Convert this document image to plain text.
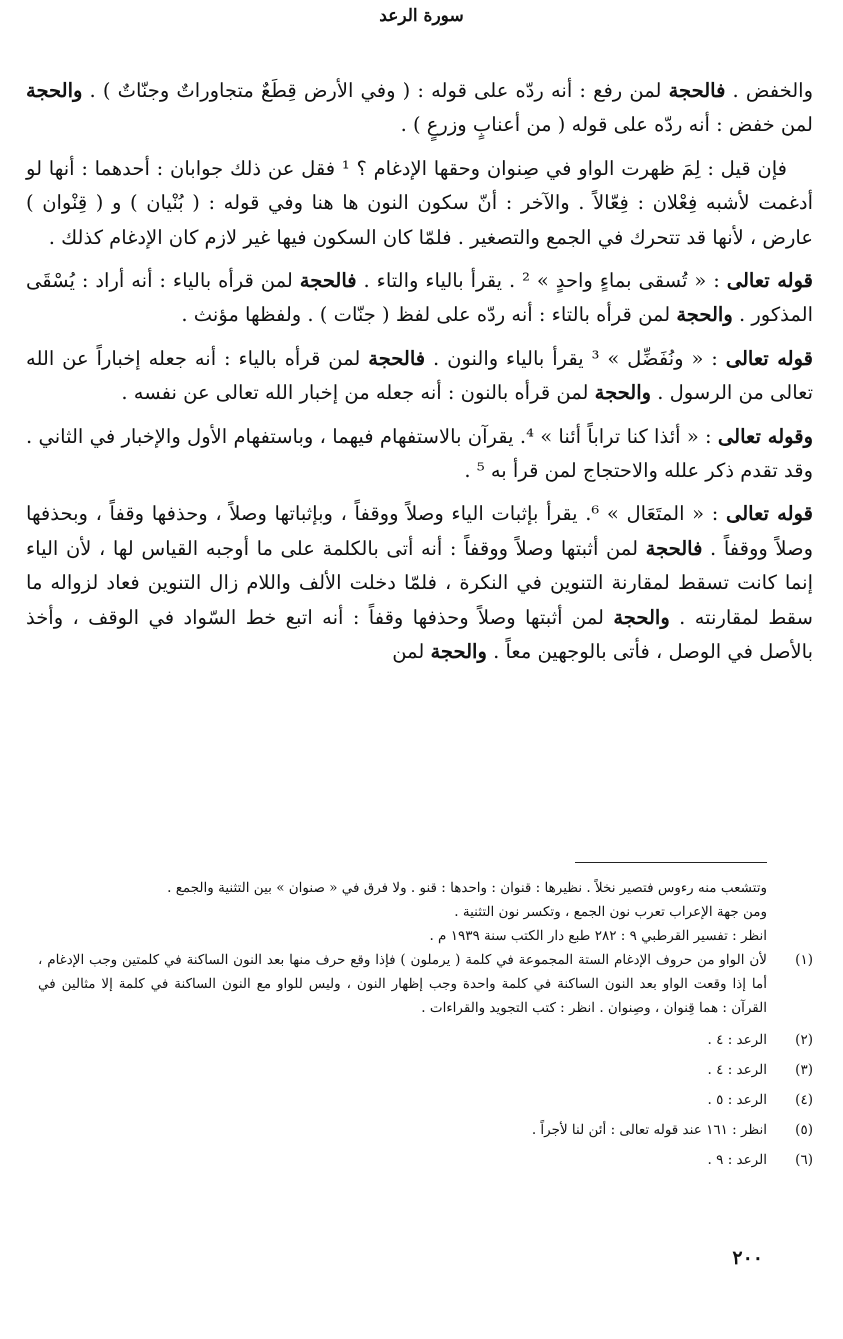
سورة الرعد

والخفض . فالحجة لمن رفع : أنه ردّه على قوله : ( وفي الأرض قِطَعٌ متجاوراتٌ وجنّاتٌ ) . والحجة لمن خفض : أنه ردّه على قوله ( من أعنابٍ وزرعٍ ) .

فإن قيل : لِمَ ظهرت الواو في صِنوان وحقها الإدغام ؟ ¹ فقل عن ذلك جوابان : أحدهما : أنها لو أدغمت لأشبه فِعْلان : فِعّالاً . والآخر : أنّ سكون النون ها هنا وفي قوله : ( بُنْيان ) و ( قِنْوان ) عارض ، لأنها قد تتحرك في الجمع والتصغير . فلمّا كان السكون فيها غير لازم كان الإدغام كذلك .

قوله تعالى : « تُسقى بماءٍ واحدٍ » ² . يقرأ بالياء والتاء . فالحجة لمن قرأه بالياء : أنه أراد : يُسْقَى المذكور . والحجة لمن قرأه بالتاء : أنه ردّه على لفظ ( جنّات ) . ولفظها مؤنث .

قوله تعالى : « ونُفَضِّل » ³ يقرأ بالياء والنون . فالحجة لمن قرأه بالياء : أنه جعله إخباراً عن الله تعالى من الرسول . والحجة لمن قرأه بالنون : أنه جعله من إخبار الله تعالى عن نفسه .

وقوله تعالى : « أئذا كنا تراباً أئنا » ⁴. يقرآن بالاستفهام فيهما ، وباستفهام الأول والإخبار في الثاني . وقد تقدم ذكر علله والاحتجاج لمن قرأ به ⁵ .

قوله تعالى : « المتَعَال » ⁶. يقرأ بإثبات الياء وصلاً ووقفاً ، وبإثباتها وصلاً ، وحذفها وقفاً ، وبحذفها وصلاً ووقفاً . فالحجة لمن أثبتها وصلاً ووقفاً : أنه أتى بالكلمة على ما أوجبه القياس لها ، لأن الياء إنما كانت تسقط لمقارنة التنوين في النكرة ، فلمّا دخلت الألف واللام زال التنوين فعاد لزواله ما سقط لمقارنته . والحجة لمن أثبتها وصلاً وحذفها وقفاً : أنه اتبع خط السّواد في الوقف ، وأخذ بالأصل في الوصل ، فأتى بالوجهين معاً . والحجة لمن

وتتشعب منه رءوس فتصير نخلاً . نظيرها : قنوان : واحدها : قنو . ولا فرق في « صنوان » بين التثنية والجمع .

ومن جهة الإعراب تعرب نون الجمع ، وتكسر نون التثنية .

انظر : تفسير القرطبي ٩ : ٢٨٢ طبع دار الكتب سنة ١٩٣٩ م .

(١)
لأن الواو من حروف الإدغام الستة المجموعة في كلمة ( يرملون ) فإذا وقع حرف منها بعد النون الساكنة في كلمتين وجب الإدغام ، أما إذا وقعت الواو بعد النون الساكنة في كلمة واحدة وجب إظهار النون ، وليس للواو مع النون الساكنة في كلمة إلا مثالين في القرآن : هما قِنوان ، وصِنوان . انظر : كتب التجويد والقراءات .
(٢)
الرعد : ٤ .
(٣)
الرعد : ٤ .
(٤)
الرعد : ٥ .
(٥)
انظر : ١٦١ عند قوله تعالى : أئن لنا لأجراً .
(٦)
الرعد : ٩ .
٢٠٠
